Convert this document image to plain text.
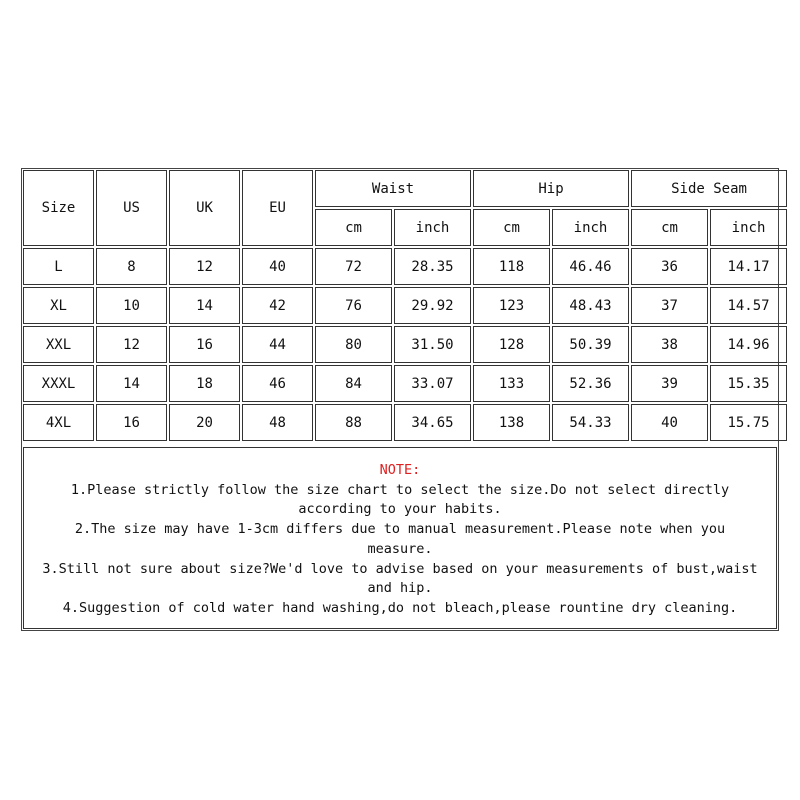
Size	US	UK	EU	Waist		Hip		Side Seam	
				cm	inch	cm	inch	cm	inch
L	8	12	40	72	28.35	118	46.46	36	14.17
XL	10	14	42	76	29.92	123	48.43	37	14.57
XXL	12	16	44	80	31.50	128	50.39	38	14.96
XXXL	14	18	46	84	33.07	133	52.36	39	15.35
4XL	16	20	48	88	34.65	138	54.33	40	15.75
NOTE:
1.Please strictly follow the size chart to select the size.Do not select directly according to your habits.
2.The size may have 1-3cm differs due to manual measurement.Please note when you measure.
3.Still not sure about size?We'd love to advise based on your measurements of bust,waist and hip.
4.Suggestion of cold water hand washing,do not bleach,please rountine dry cleaning.
